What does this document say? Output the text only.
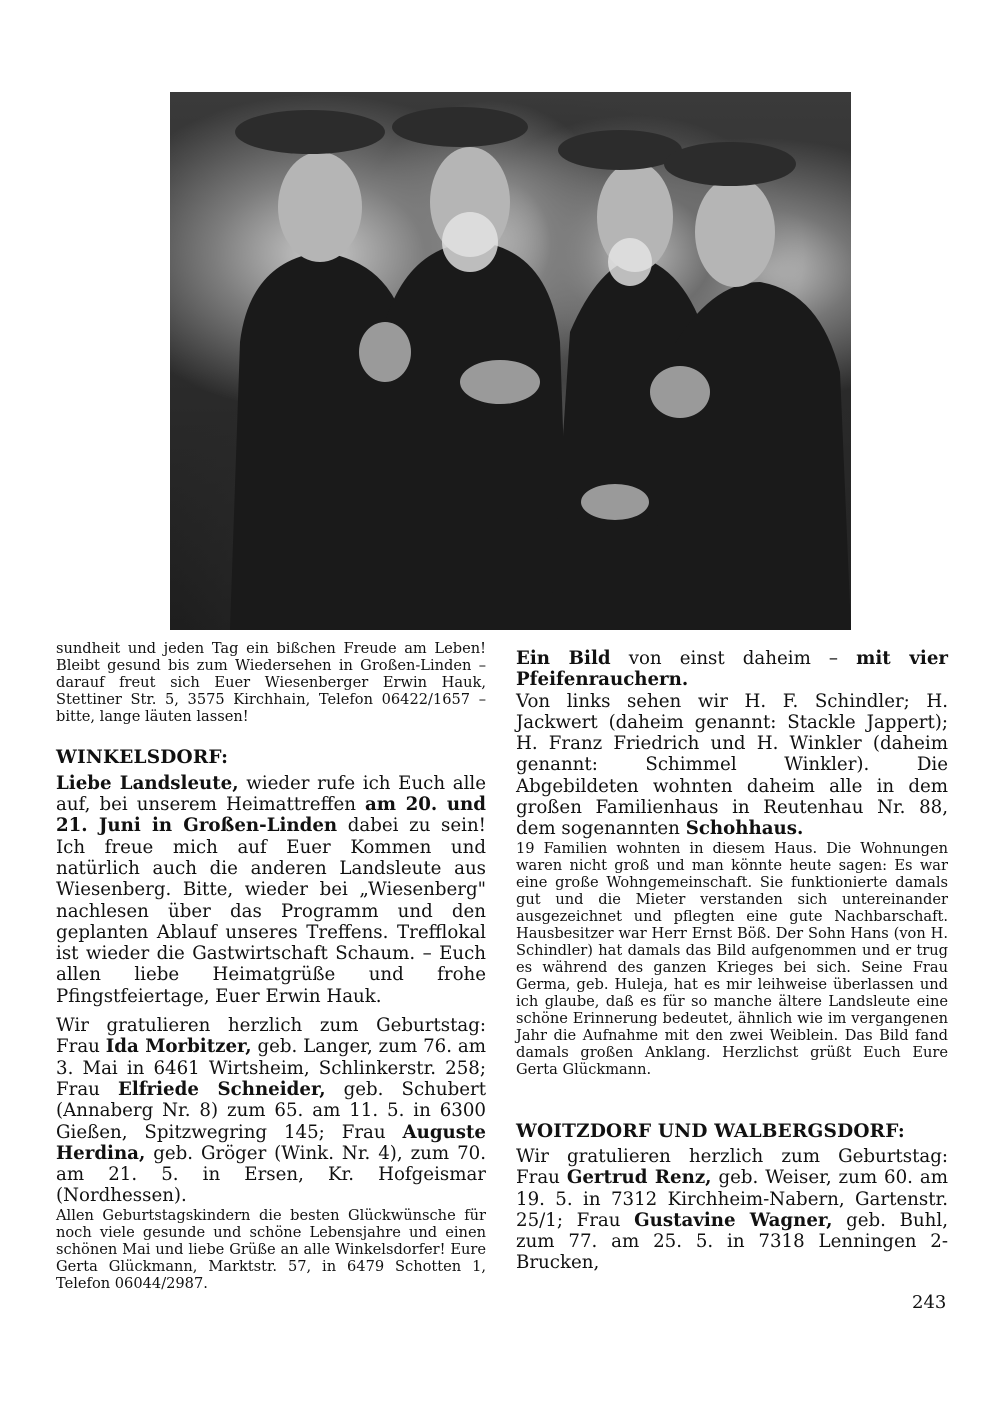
sundheit und jeden Tag ein bißchen Freude am Leben! Bleibt gesund bis zum Wiedersehen in Großen-Linden – darauf freut sich Euer Wiesenberger Erwin Hauk, Stettiner Str. 5, 3575 Kirchhain, Telefon 06422/1657 – bitte, lange läuten lassen!

WINKELSDORF:

Liebe Landsleute, wieder rufe ich Euch alle auf, bei unserem Heimattreffen am 20. und 21. Juni in Großen-Linden dabei zu sein! Ich freue mich auf Euer Kommen und natürlich auch die anderen Landsleute aus Wiesenberg. Bitte, wieder bei „Wiesenberg" nachlesen über das Programm und den geplanten Ablauf unseres Treffens. Trefflokal ist wieder die Gastwirtschaft Schaum. – Euch allen liebe Heimatgrüße und frohe Pfingstfeiertage, Euer Erwin Hauk.

Wir gratulieren herzlich zum Geburtstag: Frau Ida Morbitzer, geb. Langer, zum 76. am 3. Mai in 6461 Wirtsheim, Schlinkerstr. 258; Frau Elfriede Schneider, geb. Schubert (Annaberg Nr. 8) zum 65. am 11. 5. in 6300 Gießen, Spitzwegring 145; Frau Auguste Herdina, geb. Gröger (Wink. Nr. 4), zum 70. am 21. 5. in Ersen, Kr. Hofgeismar (Nordhessen).

Allen Geburtstagskindern die besten Glückwünsche für noch viele gesunde und schöne Lebensjahre und einen schönen Mai und liebe Grüße an alle Winkelsdorfer! Eure Gerta Glückmann, Marktstr. 57, in 6479 Schotten 1, Telefon 06044/2987.

Ein Bild von einst daheim – mit vier Pfeifenrauchern.
Von links sehen wir H. F. Schindler; H. Jackwert (daheim genannt: Stackle Jappert); H. Franz Friedrich und H. Winkler (daheim genannt: Schimmel Winkler). Die Abgebildeten wohnten daheim alle in dem großen Familienhaus in Reutenhau Nr. 88, dem sogenannten Schohhaus.

19 Familien wohnten in diesem Haus. Die Wohnungen waren nicht groß und man könnte heute sagen: Es war eine große Wohngemeinschaft. Sie funktionierte damals gut und die Mieter verstanden sich untereinander ausgezeichnet und pflegten eine gute Nachbarschaft. Hausbesitzer war Herr Ernst Böß. Der Sohn Hans (von H. Schindler) hat damals das Bild aufgenommen und er trug es während des ganzen Krieges bei sich. Seine Frau Germa, geb. Huleja, hat es mir leihweise überlassen und ich glaube, daß es für so manche ältere Landsleute eine schöne Erinnerung bedeutet, ähnlich wie im vergangenen Jahr die Aufnahme mit den zwei Weiblein. Das Bild fand damals großen Anklang. Herzlichst grüßt Euch Eure Gerta Glückmann.

WOITZDORF UND WALBERGSDORF:

Wir gratulieren herzlich zum Geburtstag: Frau Gertrud Renz, geb. Weiser, zum 60. am 19. 5. in 7312 Kirchheim-Nabern, Gartenstr. 25/1; Frau Gustavine Wagner, geb. Buhl, zum 77. am 25. 5. in 7318 Lenningen 2-Brucken,

243
